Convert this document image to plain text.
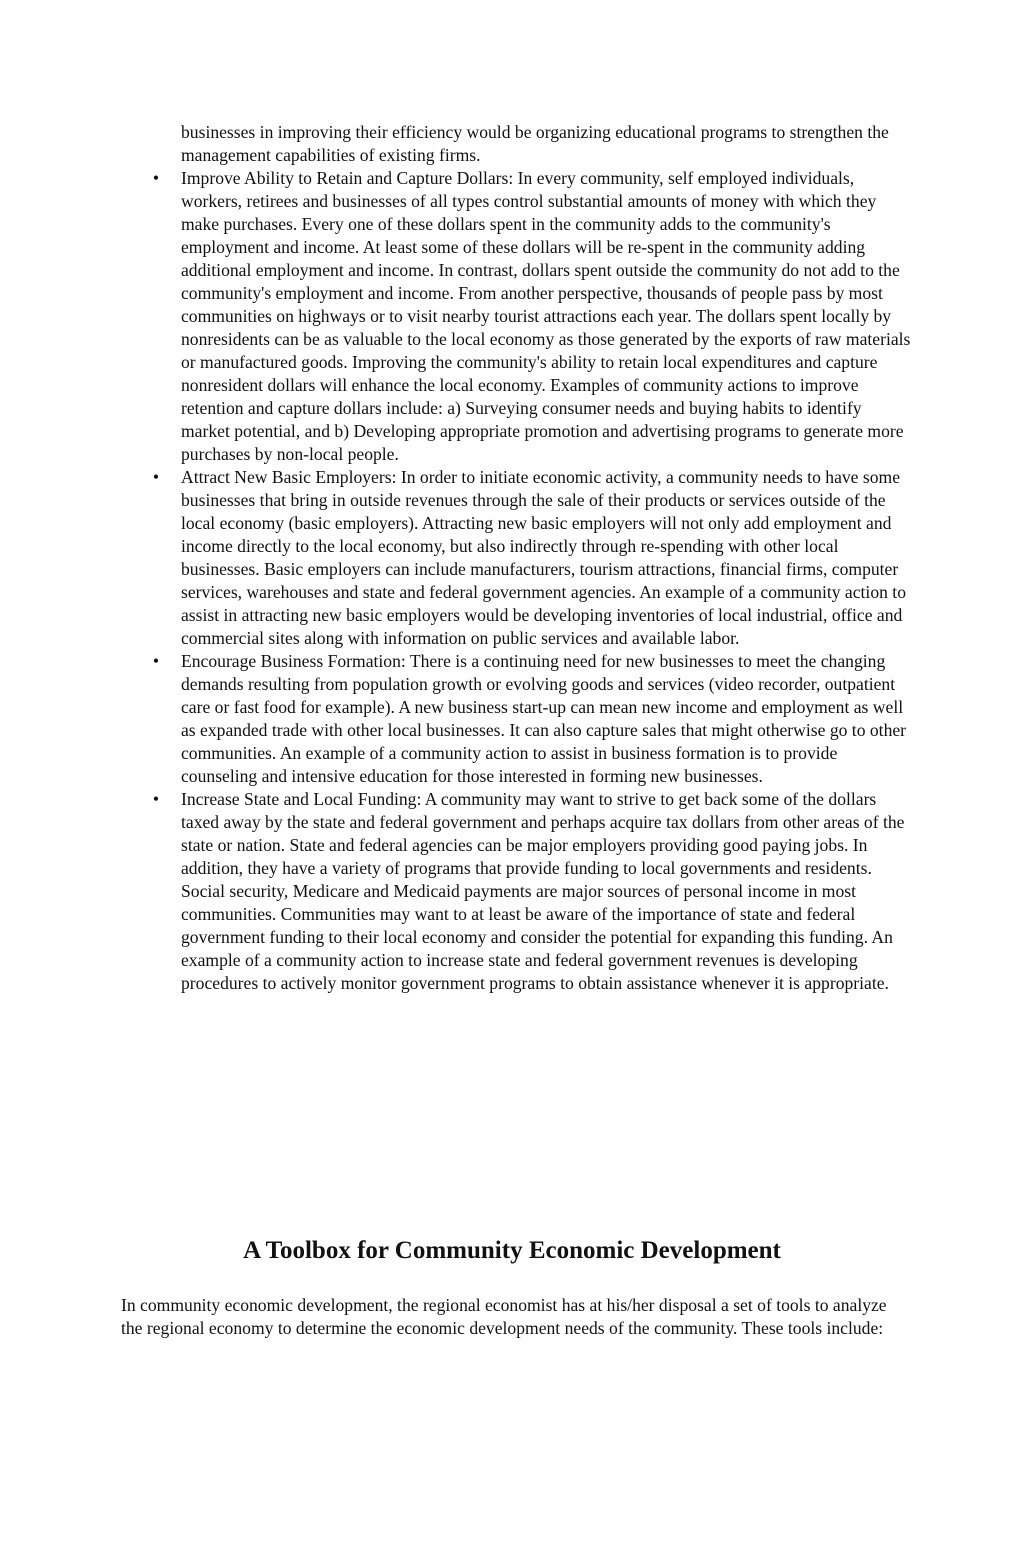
businesses in improving their efficiency would be organizing educational programs to strengthen the management capabilities of existing firms.

• Improve Ability to Retain and Capture Dollars: In every community, self employed individuals, workers, retirees and businesses of all types control substantial amounts of money with which they make purchases. Every one of these dollars spent in the community adds to the community's employment and income. At least some of these dollars will be re-spent in the community adding additional employment and income. In contrast, dollars spent outside the community do not add to the community's employment and income. From another perspective, thousands of people pass by most communities on highways or to visit nearby tourist attractions each year. The dollars spent locally by nonresidents can be as valuable to the local economy as those generated by the exports of raw materials or manufactured goods. Improving the community's ability to retain local expenditures and capture nonresident dollars will enhance the local economy. Examples of community actions to improve retention and capture dollars include: a) Surveying consumer needs and buying habits to identify market potential, and b) Developing appropriate promotion and advertising programs to generate more purchases by non-local people.
• Attract New Basic Employers: In order to initiate economic activity, a community needs to have some businesses that bring in outside revenues through the sale of their products or services outside of the local economy (basic employers). Attracting new basic employers will not only add employment and income directly to the local economy, but also indirectly through re-spending with other local businesses. Basic employers can include manufacturers, tourism attractions, financial firms, computer services, warehouses and state and federal government agencies. An example of a community action to assist in attracting new basic employers would be developing inventories of local industrial, office and commercial sites along with information on public services and available labor.
• Encourage Business Formation: There is a continuing need for new businesses to meet the changing demands resulting from population growth or evolving goods and services (video recorder, outpatient care or fast food for example). A new business start-up can mean new income and employment as well as expanded trade with other local businesses. It can also capture sales that might otherwise go to other communities. An example of a community action to assist in business formation is to provide counseling and intensive education for those interested in forming new businesses.
• Increase State and Local Funding: A community may want to strive to get back some of the dollars taxed away by the state and federal government and perhaps acquire tax dollars from other areas of the state or nation. State and federal agencies can be major employers providing good paying jobs. In addition, they have a variety of programs that provide funding to local governments and residents. Social security, Medicare and Medicaid payments are major sources of personal income in most communities. Communities may want to at least be aware of the importance of state and federal government funding to their local economy and consider the potential for expanding this funding. An example of a community action to increase state and federal government revenues is developing procedures to actively monitor government programs to obtain assistance whenever it is appropriate.
A Toolbox for Community Economic Development

In community economic development, the regional economist has at his/her disposal a set of tools to analyze the regional economy to determine the economic development needs of the community. These tools include:
